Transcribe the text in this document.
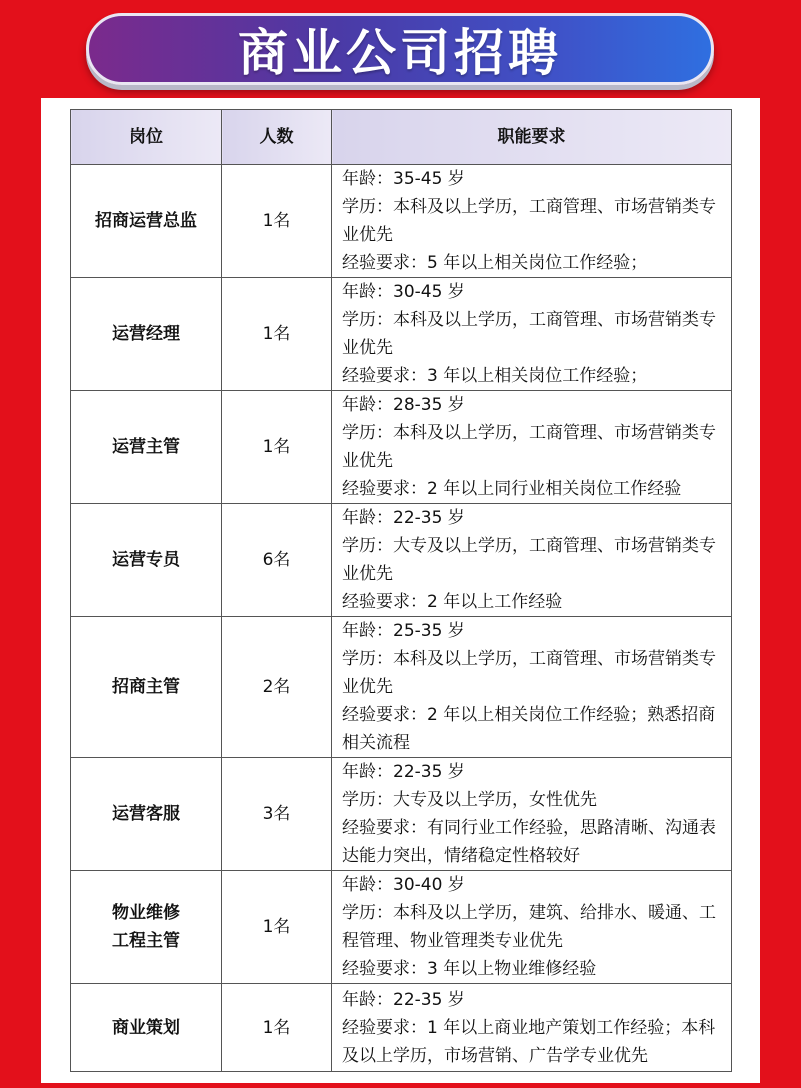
商业公司招聘
岗位	人数	职能要求
招商运营总监	1名	年龄：35-45 岁
学历：本科及以上学历，工商管理、市场营销类专业优先
经验要求：5 年以上相关岗位工作经验；

运营经理	1名	年龄：30-45 岁
学历：本科及以上学历，工商管理、市场营销类专业优先
经验要求：3 年以上相关岗位工作经验；

运营主管	1名	年龄：28-35 岁
学历：本科及以上学历，工商管理、市场营销类专业优先
经验要求：2 年以上同行业相关岗位工作经验

运营专员	6名	年龄：22-35 岁
学历：大专及以上学历，工商管理、市场营销类专业优先
经验要求：2 年以上工作经验

招商主管	2名	年龄：25-35 岁
学历：本科及以上学历，工商管理、市场营销类专业优先
经验要求：2 年以上相关岗位工作经验；熟悉招商相关流程

运营客服	3名	年龄：22-35 岁
学历：大专及以上学历，女性优先
经验要求：有同行业工作经验，思路清晰、沟通表达能力突出，情绪稳定性格较好

物业维修工程主管	1名	年龄：30-40 岁
学历：本科及以上学历，建筑、给排水、暖通、工程管理、物业管理类专业优先
经验要求：3 年以上物业维修经验

商业策划	1名	年龄：22-35 岁
经验要求：1 年以上商业地产策划工作经验；本科及以上学历，市场营销、广告学专业优先
